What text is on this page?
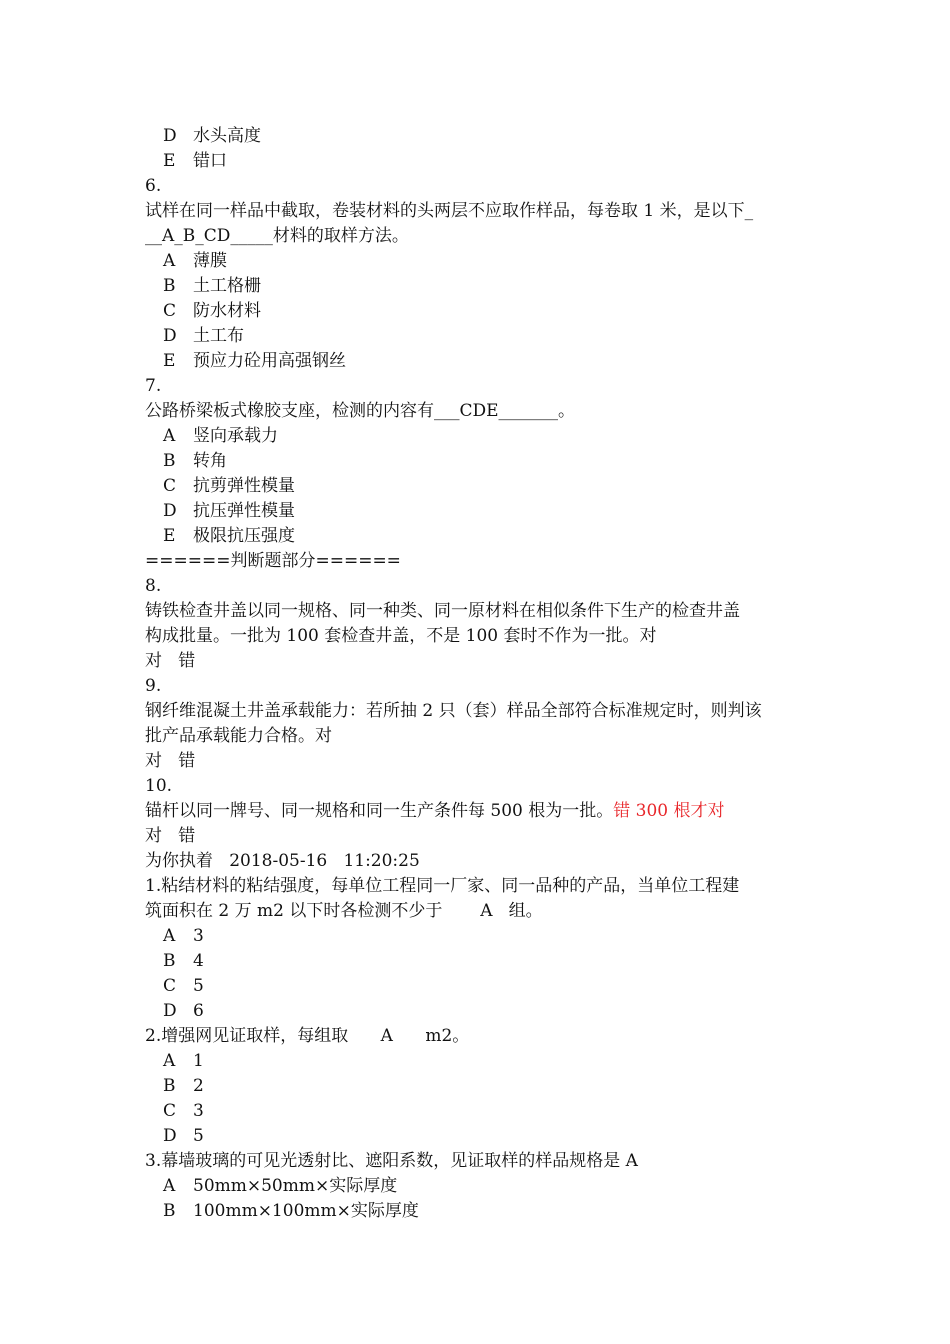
D 水头高度
E 错口
6.
试样在同一样品中截取，卷装材料的头两层不应取作样品，每卷取 1 米，是以下_
__A_B_CD_____材料的取样方法。
A 薄膜
B 土工格栅
C 防水材料
D 土工布
E 预应力砼用高强钢丝
7.
公路桥梁板式橡胶支座，检测的内容有___CDE_______。
A 竖向承载力
B 转角
C 抗剪弹性模量
D 抗压弹性模量
E 极限抗压强度
======判断题部分======
8.
铸铁检查井盖以同一规格、同一种类、同一原材料在相似条件下生产的检查井盖
构成批量。一批为 100 套检查井盖，不是 100 套时不作为一批。对
对   错
9.
钢纤维混凝土井盖承载能力：若所抽 2 只（套）样品全部符合标准规定时，则判该
批产品承载能力合格。对
对   错
10.
锚杆以同一牌号、同一规格和同一生产条件每 500 根为一批。错 300 根才对
对   错
为你执着   2018-05-16   11:20:25
1.粘结材料的粘结强度，每单位工程同一厂家、同一品种的产品，当单位工程建
筑面积在 2 万 m2 以下时各检测不少于       A   组。
A 3
B 4
C 5
D 6
2.增强网见证取样，每组取      A      m2。
A 1
B 2
C 3
D 5
3.幕墙玻璃的可见光透射比、遮阳系数，见证取样的样品规格是 A
A 50mm×50mm×实际厚度
B 100mm×100mm×实际厚度
